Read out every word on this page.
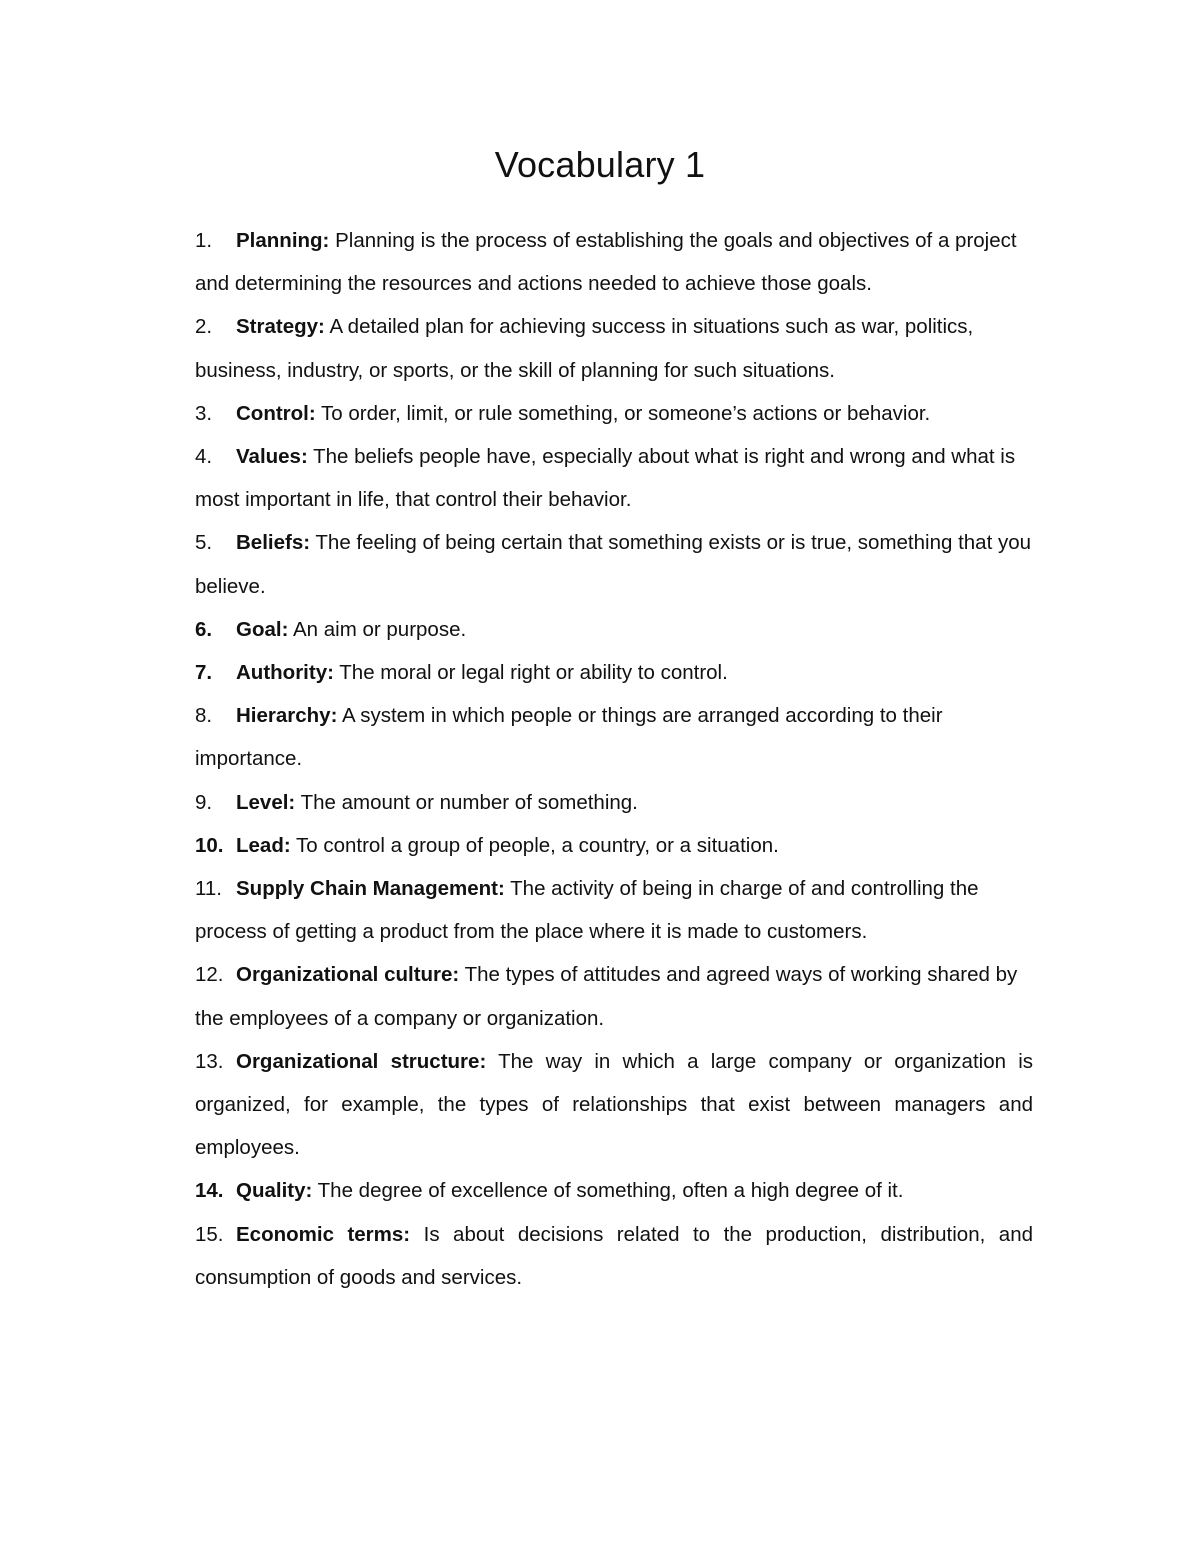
Vocabulary 1

1. Planning: Planning is the process of establishing the goals and objectives of a project and determining the resources and actions needed to achieve those goals.

2. Strategy: A detailed plan for achieving success in situations such as war, politics, business, industry, or sports, or the skill of planning for such situations.

3. Control: To order, limit, or rule something, or someone’s actions or behavior.

4. Values: The beliefs people have, especially about what is right and wrong and what is most important in life, that control their behavior.

5. Beliefs: The feeling of being certain that something exists or is true, something that you believe.

6. Goal: An aim or purpose.

7. Authority: The moral or legal right or ability to control.

8. Hierarchy: A system in which people or things are arranged according to their importance.

9. Level: The amount or number of something.

10. Lead: To control a group of people, a country, or a situation.

11. Supply Chain Management: The activity of being in charge of and controlling the process of getting a product from the place where it is made to customers.

12. Organizational culture: The types of attitudes and agreed ways of working shared by the employees of a company or organization.

13. Organizational structure: The way in which a large company or organization is organized, for example, the types of relationships that exist between managers and employees.

14. Quality: The degree of excellence of something, often a high degree of it.

15. Economic terms: Is about decisions related to the production, distribution, and consumption of goods and services.
